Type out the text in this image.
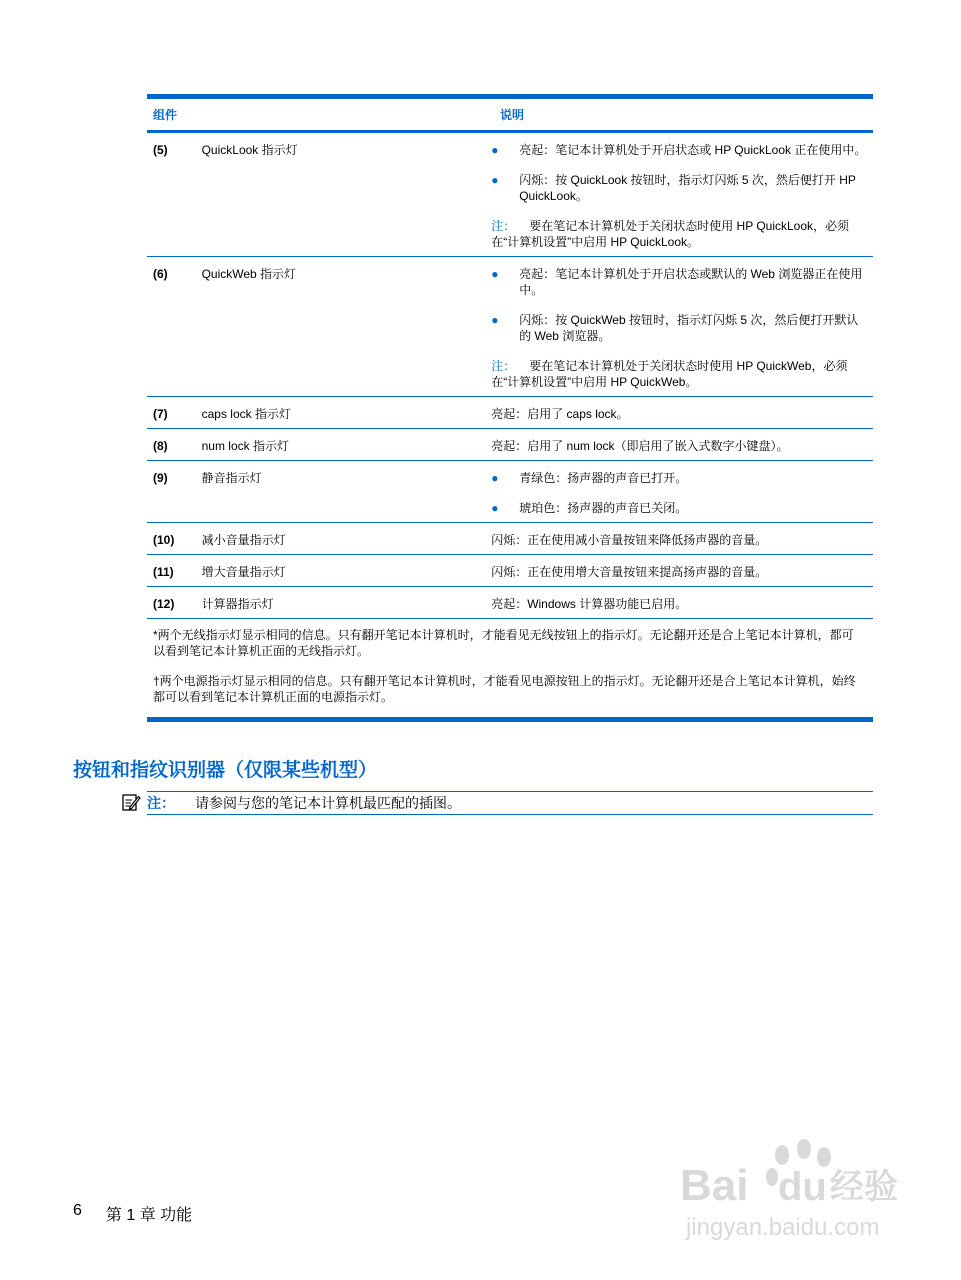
组件	说明
(5)	QuickLook 指示灯	●	亮起：笔记本计算机处于开启状态或 HP QuickLook 正在使用中。
●	闪烁：按 QuickLook 按钮时，指示灯闪烁 5 次，然后便打开 HP QuickLook。
注： 要在笔记本计算机处于关闭状态时使用 HP QuickLook，必须在“计算机设置”中启用 HP QuickLook。
(6)	QuickWeb 指示灯	●	亮起：笔记本计算机处于开启状态或默认的 Web 浏览器正在使用中。
●	闪烁：按 QuickWeb 按钮时，指示灯闪烁 5 次，然后便打开默认的 Web 浏览器。
注： 要在笔记本计算机处于关闭状态时使用 HP QuickWeb，必须在“计算机设置”中启用 HP QuickWeb。
(7)	caps lock 指示灯	亮起：启用了 caps lock。
(8)	num lock 指示灯	亮起：启用了 num lock（即启用了嵌入式数字小键盘）。
(9)	静音指示灯	●	青绿色：扬声器的声音已打开。
●	琥珀色：扬声器的声音已关闭。
(10)	减小音量指示灯	闪烁：正在使用减小音量按钮来降低扬声器的音量。
(11)	增大音量指示灯	闪烁：正在使用增大音量按钮来提高扬声器的音量。
(12)	计算器指示灯	亮起：Windows 计算器功能已启用。

*两个无线指示灯显示相同的信息。只有翻开笔记本计算机时，才能看见无线按钮上的指示灯。无论翻开还是合上笔记本计算机，都可以看到笔记本计算机正面的无线指示灯。

†两个电源指示灯显示相同的信息。只有翻开笔记本计算机时，才能看见电源按钮上的指示灯。无论翻开还是合上笔记本计算机，始终都可以看到笔记本计算机正面的电源指示灯。

按钮和指纹识别器（仅限某些机型）
注： 请参阅与您的笔记本计算机最匹配的插图。
6 第 1 章 功能
Bai du 经验
jingyan.baidu.com
